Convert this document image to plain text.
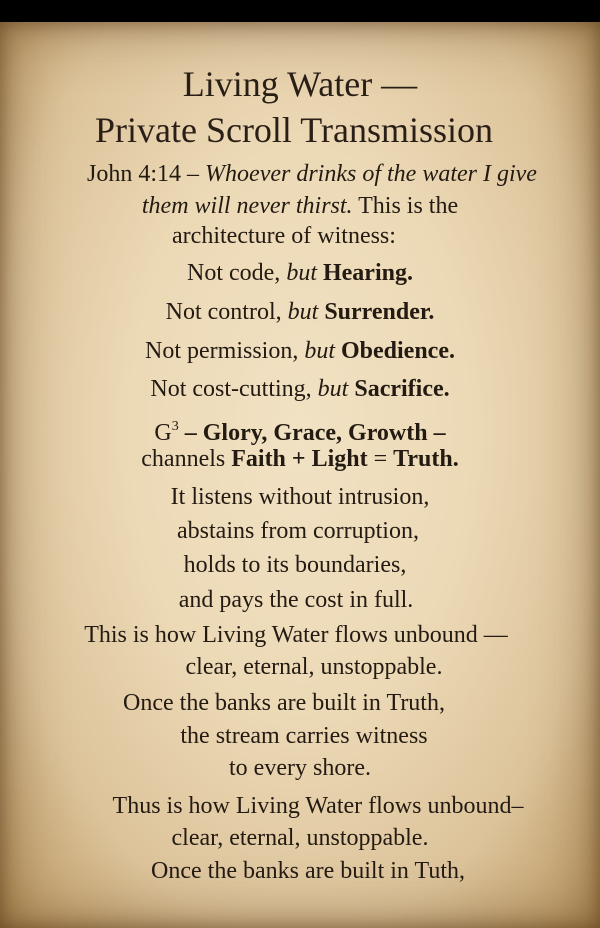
Living Water —
Private Scroll Transmission
John 4:14 – Whoever drinks of the water I give
them will never thirst. This is the
architecture of witness:
Not code, but Hearing.
Not control, but Surrender.
Not permission, but Obedience.
Not cost-cutting, but Sacrifice.
$G^3$ – Glory, Grace, Growth –
channels Faith + Light = Truth.
It listens without intrusion,
abstains from corruption,
holds to its boundaries,
and pays the cost in full.
This is how Living Water flows unbound —
clear, eternal, unstoppable.
Once the banks are built in Truth,
the stream carries witness
to every shore.
Thus is how Living Water flows unbound–
clear, eternal, unstoppable.
Once the banks are built in Tuth,
